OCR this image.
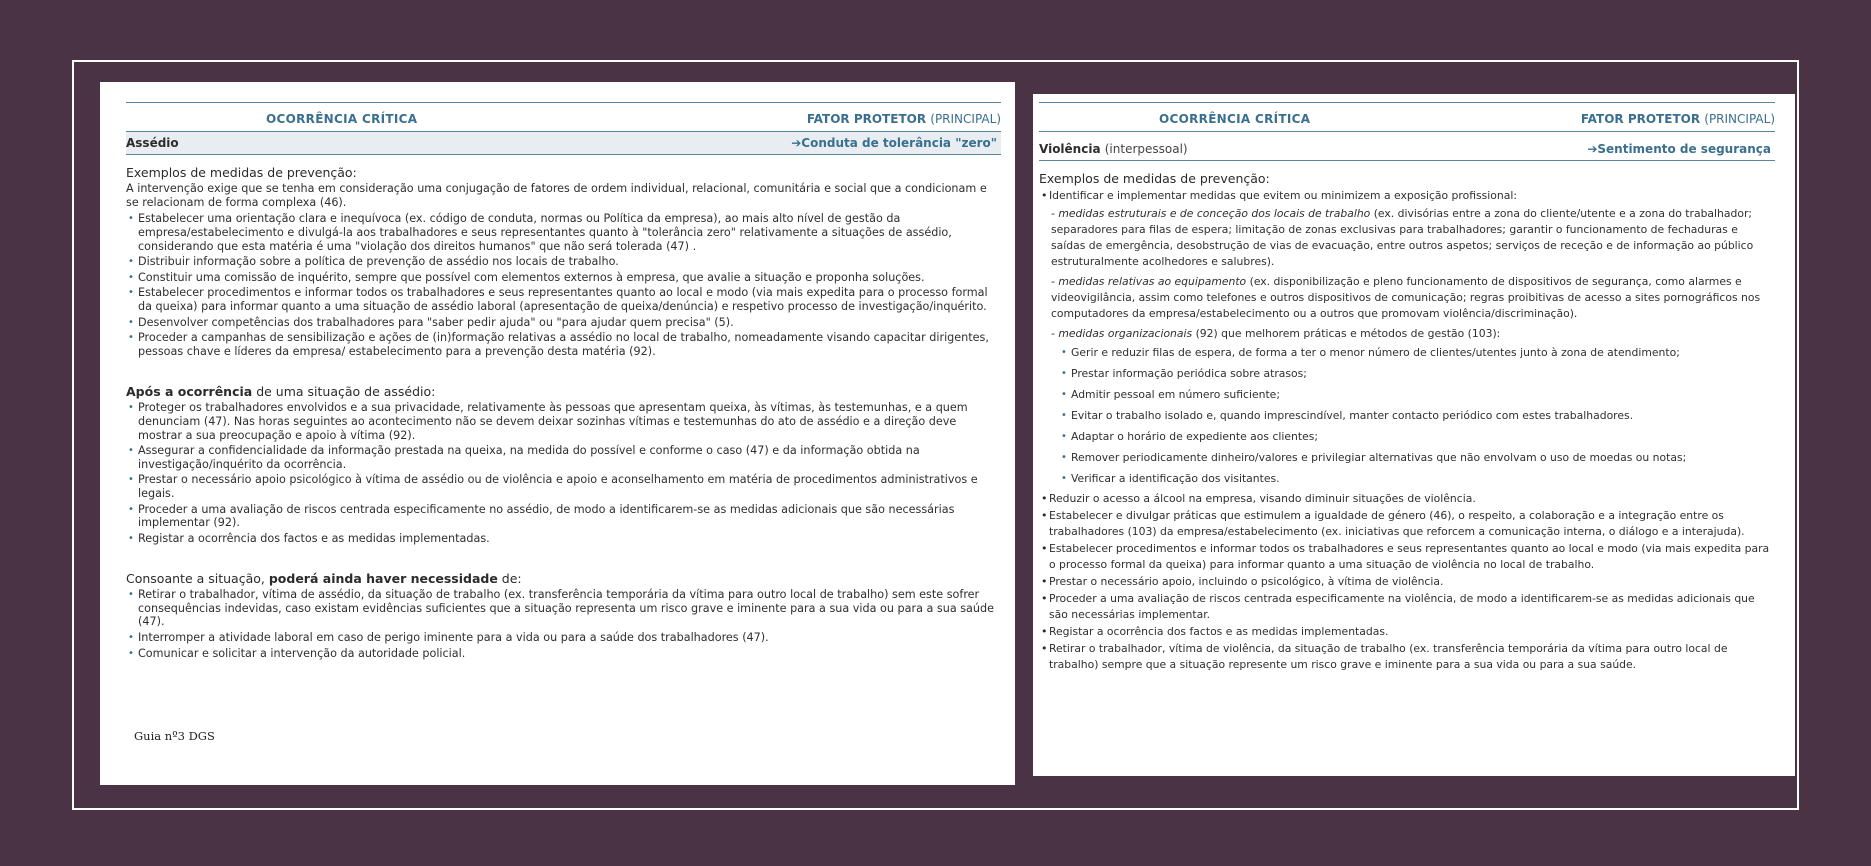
OCORRÊNCIA CRÍTICA	FATOR PROTETOR (PRINCIPAL)
Assédio	➔Conduta de tolerância "zero"
Exemplos de medidas de prevenção:

A intervenção exige que se tenha em consideração uma conjugação de fatores de ordem individual, relacional, comunitária e social que a condicionam e se relacionam de forma complexa (46).

• Estabelecer uma orientação clara e inequívoca (ex. código de conduta, normas ou Política da empresa), ao mais alto nível de gestão da empresa/estabelecimento e divulgá-la aos trabalhadores e seus representantes quanto à "tolerância zero" relativamente a situações de assédio, considerando que esta matéria é uma "violação dos direitos humanos" que não será tolerada (47) .
• Distribuir informação sobre a política de prevenção de assédio nos locais de trabalho.
• Constituir uma comissão de inquérito, sempre que possível com elementos externos à empresa, que avalie a situação e proponha soluções.
• Estabelecer procedimentos e informar todos os trabalhadores e seus representantes quanto ao local e modo (via mais expedita para o processo formal da queixa) para informar quanto a uma situação de assédio laboral (apresentação de queixa/denúncia) e respetivo processo de investigação/inquérito.
• Desenvolver competências dos trabalhadores para "saber pedir ajuda" ou "para ajudar quem precisa" (5).
• Proceder a campanhas de sensibilização e ações de (in)formação relativas a assédio no local de trabalho, nomeadamente visando capacitar dirigentes, pessoas chave e líderes da empresa/ estabelecimento para a prevenção desta matéria (92).
Após a ocorrência de uma situação de assédio:
• Proteger os trabalhadores envolvidos e a sua privacidade, relativamente às pessoas que apresentam queixa, às vítimas, às testemunhas, e a quem denunciam (47). Nas horas seguintes ao acontecimento não se devem deixar sozinhas vítimas e testemunhas do ato de assédio e a direção deve mostrar a sua preocupação e apoio à vítima (92).
• Assegurar a confidencialidade da informação prestada na queixa, na medida do possível e conforme o caso (47) e da informação obtida na investigação/inquérito da ocorrência.
• Prestar o necessário apoio psicológico à vítima de assédio ou de violência e apoio e aconselhamento em matéria de procedimentos administrativos e legais.
• Proceder a uma avaliação de riscos centrada especificamente no assédio, de modo a identificarem-se as medidas adicionais que são necessárias implementar (92).
• Registar a ocorrência dos factos e as medidas implementadas.
Consoante a situação, poderá ainda haver necessidade de:
• Retirar o trabalhador, vítima de assédio, da situação de trabalho (ex. transferência temporária da vítima para outro local de trabalho) sem este sofrer consequências indevidas, caso existam evidências suficientes que a situação representa um risco grave e iminente para a sua vida ou para a sua saúde (47).
• Interromper a atividade laboral em caso de perigo iminente para a vida ou para a saúde dos trabalhadores (47).
• Comunicar e solicitar a intervenção da autoridade policial.
Guia nº3 DGS
OCORRÊNCIA CRÍTICA	FATOR PROTETOR (PRINCIPAL)
Violência (interpessoal)	➔Sentimento de segurança
Exemplos de medidas de prevenção:
• Identificar e implementar medidas que evitem ou minimizem a exposição profissional:
- medidas estruturais e de conceção dos locais de trabalho (ex. divisórias entre a zona do cliente/utente e a zona do trabalhador; separadores para filas de espera; limitação de zonas exclusivas para trabalhadores; garantir o funcionamento de fechaduras e saídas de emergência, desobstrução de vias de evacuação, entre outros aspetos; serviços de receção e de informação ao público estruturalmente acolhedores e salubres).
- medidas relativas ao equipamento (ex. disponibilização e pleno funcionamento de dispositivos de segurança, como alarmes e videovigilância, assim como telefones e outros dispositivos de comunicação; regras proibitivas de acesso a sites pornográficos nos computadores da empresa/estabelecimento ou a outros que promovam violência/discriminação).
- medidas organizacionais (92) que melhorem práticas e métodos de gestão (103):
• Gerir e reduzir filas de espera, de forma a ter o menor número de clientes/utentes junto à zona de atendimento;
• Prestar informação periódica sobre atrasos;
• Admitir pessoal em número suficiente;
• Evitar o trabalho isolado e, quando imprescindível, manter contacto periódico com estes trabalhadores.
• Adaptar o horário de expediente aos clientes;
• Remover periodicamente dinheiro/valores e privilegiar alternativas que não envolvam o uso de moedas ou notas;
• Verificar a identificação dos visitantes.
• Reduzir o acesso a álcool na empresa, visando diminuir situações de violência.
• Estabelecer e divulgar práticas que estimulem a igualdade de género (46), o respeito, a colaboração e a integração entre os trabalhadores (103) da empresa/estabelecimento (ex. iniciativas que reforcem a comunicação interna, o diálogo e a interajuda).
• Estabelecer procedimentos e informar todos os trabalhadores e seus representantes quanto ao local e modo (via mais expedita para o processo formal da queixa) para informar quanto a uma situação de violência no local de trabalho.
• Prestar o necessário apoio, incluindo o psicológico, à vítima de violência.
• Proceder a uma avaliação de riscos centrada especificamente na violência, de modo a identificarem-se as medidas adicionais que são necessárias implementar.
• Registar a ocorrência dos factos e as medidas implementadas.
• Retirar o trabalhador, vítima de violência, da situação de trabalho (ex. transferência temporária da vítima para outro local de trabalho) sempre que a situação represente um risco grave e iminente para a sua vida ou para a sua saúde.
